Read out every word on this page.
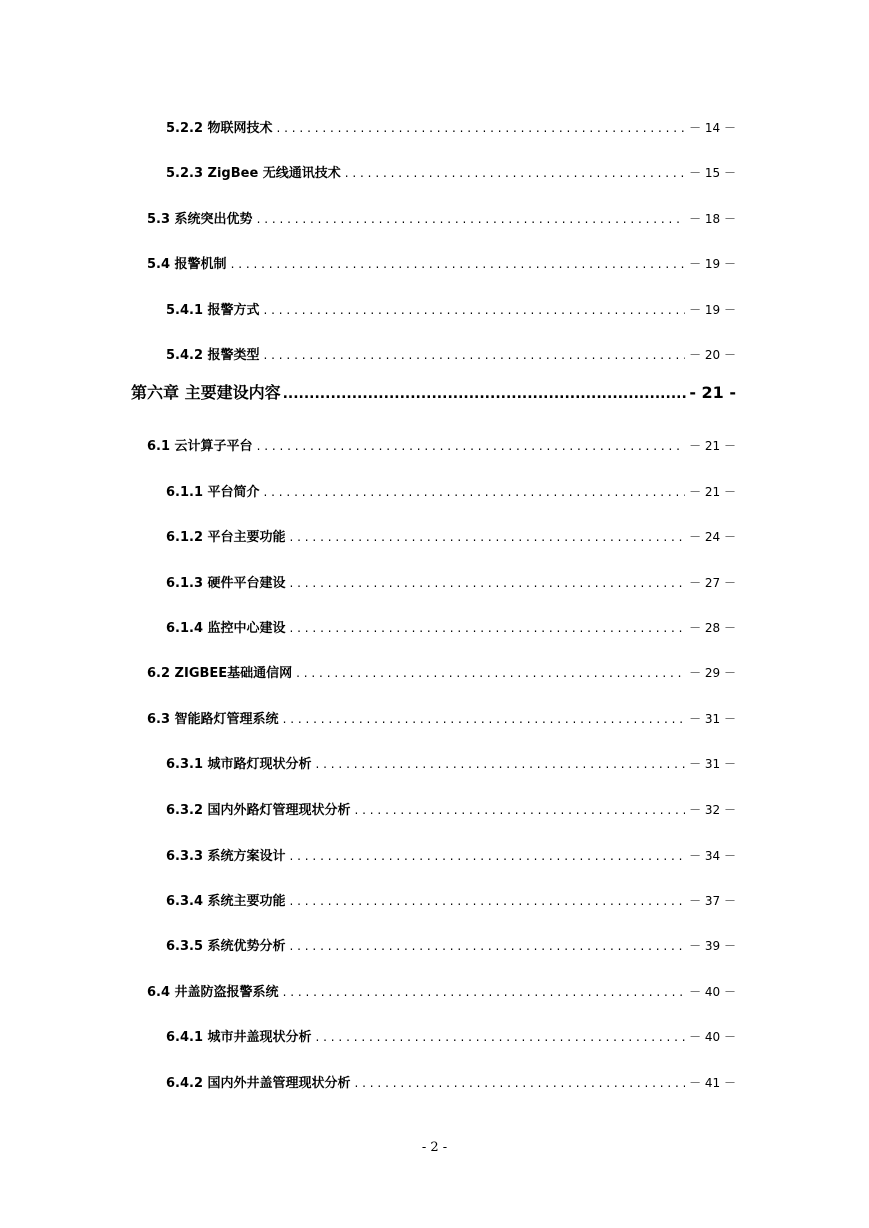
5.2.2 物联网技术 . . .	－ 14 －
5.2.3 ZigBee 无线通讯技术 . . .	－ 15 －
5.3 系统突出优势 . . .	－ 18 －
5.4 报警机制 . . .	－ 19 －
5.4.1 报警方式 . . .	－ 19 －
5.4.2 报警类型 . . .	－ 20 －
第六章 主要建设内容 .....	- 21 -
6.1 云计算子平台 . . .	－ 21 －
6.1.1 平台简介 . . .	－ 21 －
6.1.2 平台主要功能 . . .	－ 24 －
6.1.3 硬件平台建设 . . .	－ 27 －
6.1.4 监控中心建设 . . .	－ 28 －
6.2 ZIGBEE基础通信网 . . .	－ 29 －
6.3 智能路灯管理系统 . . .	－ 31 －
6.3.1 城市路灯现状分析 . . .	－ 31 －
6.3.2 国内外路灯管理现状分析 . . .	－ 32 －
6.3.3 系统方案设计 . . .	－ 34 －
6.3.4 系统主要功能 . . .	－ 37 －
6.3.5 系统优势分析 . . .	－ 39 －
6.4 井盖防盗报警系统 . . .	－ 40 －
6.4.1 城市井盖现状分析 . . .	－ 40 －
6.4.2 国内外井盖管理现状分析 . . .	－ 41 －
- 2 -
